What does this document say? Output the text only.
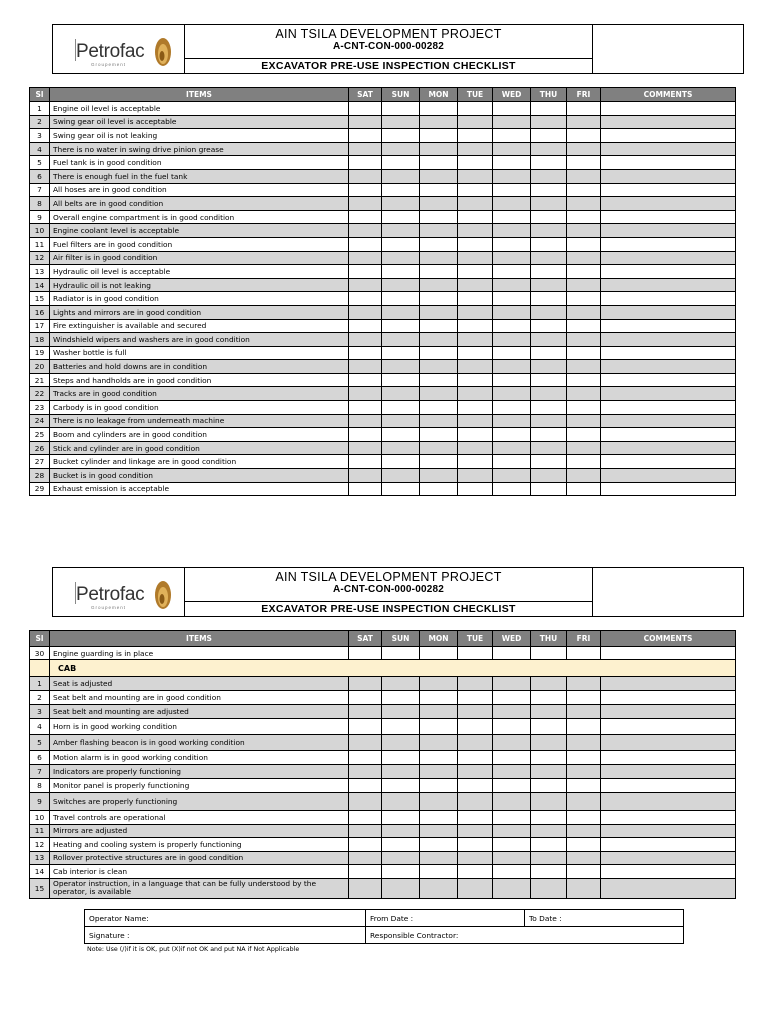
Petrofac
Groupement
AIN TSILA DEVELOPMENT PROJECT
A-CNT-CON-000-00282
EXCAVATOR PRE-USE INSPECTION CHECKLIST
Sl	ITEMS	SAT	SUN	MON	TUE	WED	THU	FRI	COMMENTS
1	Engine oil level is acceptable								
2	Swing gear oil level is acceptable								
3	Swing gear oil is not leaking								
4	There is no water in swing drive pinion grease								
5	Fuel tank is in good condition								
6	There is enough fuel in the fuel tank								
7	All hoses are in good condition								
8	All belts are in good condition								
9	Overall engine compartment is in good condition								
10	Engine coolant level is acceptable								
11	Fuel filters are in good condition								
12	Air filter is in good condition								
13	Hydraulic oil level is acceptable								
14	Hydraulic oil is not leaking								
15	Radiator is in good condition								
16	Lights and mirrors are in good condition								
17	Fire extinguisher is available and secured								
18	Windshield wipers and washers are in good condition								
19	Washer bottle is full								
20	Batteries and hold downs are in condition								
21	Steps and handholds are in good condition								
22	Tracks are in good condition								
23	Carbody is in good condition								
24	There is no leakage from underneath machine								
25	Boom and cylinders are in good condition								
26	Stick and cylinder are in good condition								
27	Bucket cylinder and linkage are in good condition								
28	Bucket is in good condition								
29	Exhaust emission is acceptable								
Petrofac
Groupement
AIN TSILA DEVELOPMENT PROJECT
A-CNT-CON-000-00282
EXCAVATOR PRE-USE INSPECTION CHECKLIST
Sl	ITEMS	SAT	SUN	MON	TUE	WED	THU	FRI	COMMENTS
30	Engine guarding is in place								
	CAB								
1	Seat is adjusted								
2	Seat belt and mounting are in good condition								
3	Seat belt and mounting are adjusted								
4	Horn is in good working condition								
5	Amber flashing beacon is in good working condition								
6	Motion alarm is in good working condition								
7	Indicators are properly functioning								
8	Monitor panel is properly functioning								
9	Switches are properly functioning								
10	Travel controls are operational								
11	Mirrors are adjusted								
12	Heating and cooling system is properly functioning								
13	Rollover protective structures are in good condition								
14	Cab interior is clean								
15	Operator instruction, in a language that can be fully understood by the operator, is available								
Operator Name:	From Date :	To Date :
Signature :	Responsible Contractor:	
Note: Use (/)if it is OK, put (X)if not OK and put NA if Not Applicable
